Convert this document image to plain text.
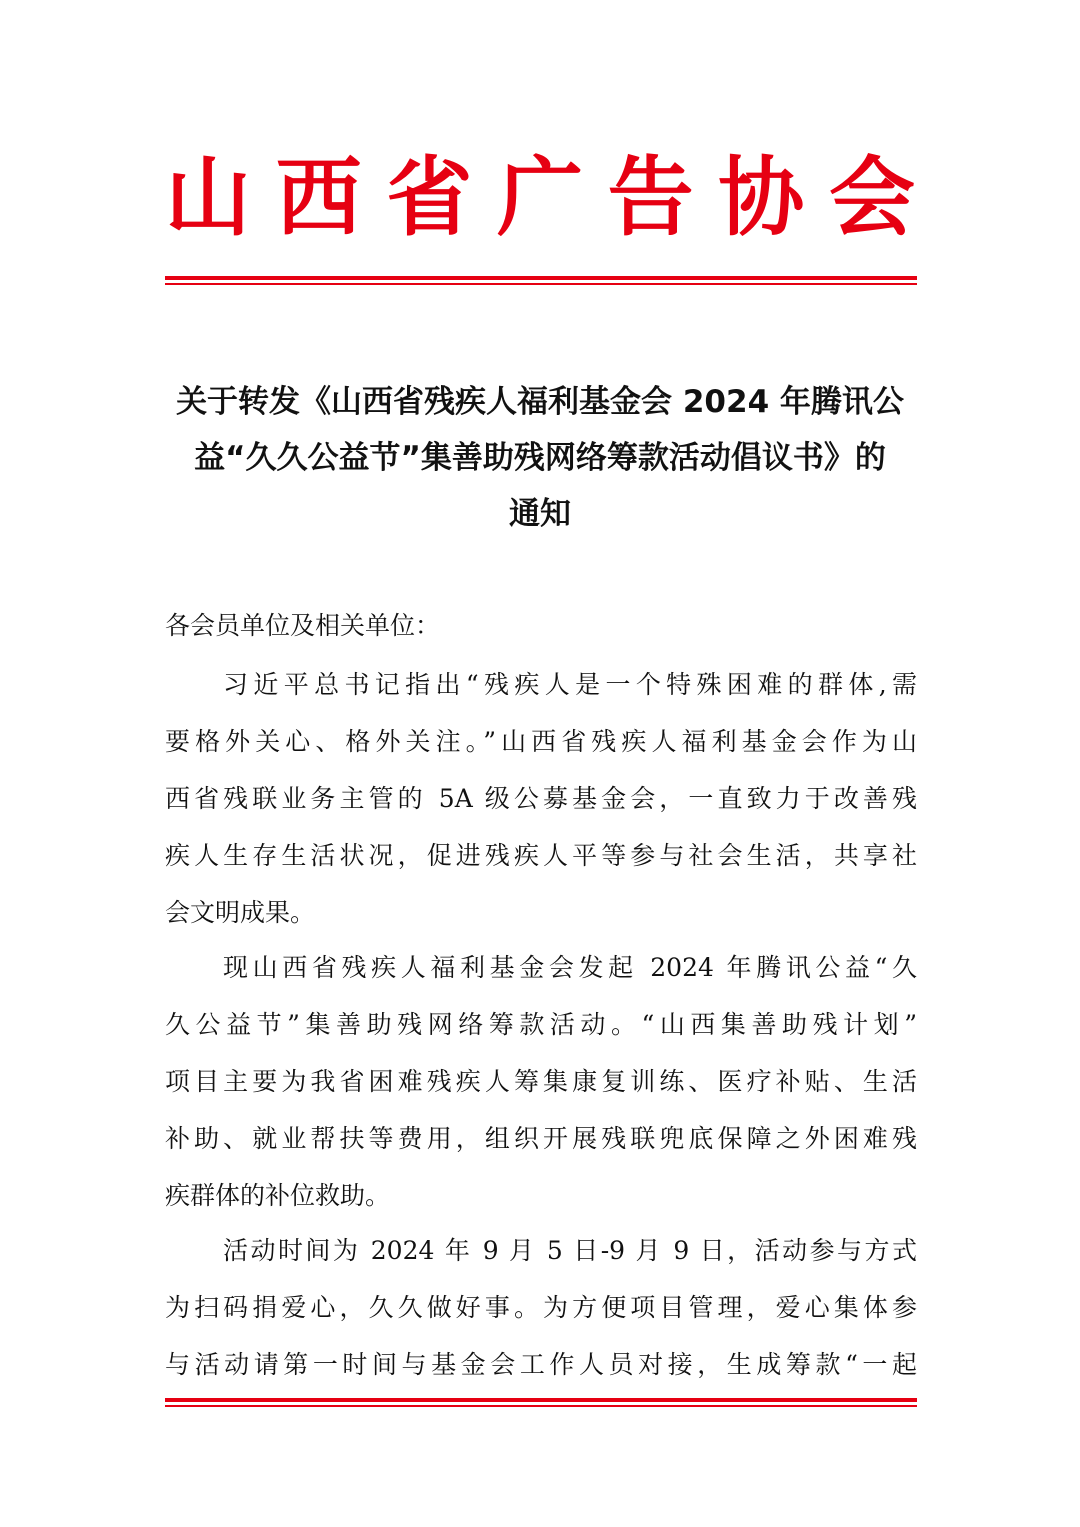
山 西 省 广 告 协 会
关于转发《山西省残疾人福利基金会 2024 年腾讯公
益“久久公益节”集善助残网络筹款活动倡议书》的
通知

各会员单位及相关单位：

习近平总书记指出“残疾人是一个特殊困难的群体,需
要格外关心、格外关注。”山西省残疾人福利基金会作为山
西省残联业务主管的 5A 级公募基金会，一直致力于改善残
疾人生存生活状况，促进残疾人平等参与社会生活，共享社
会文明成果。
现山西省残疾人福利基金会发起 2024 年腾讯公益“久
久公益节”集善助残网络筹款活动。“山西集善助残计划”
项目主要为我省困难残疾人筹集康复训练、医疗补贴、生活
补助、就业帮扶等费用，组织开展残联兜底保障之外困难残
疾群体的补位救助。
活动时间为 2024 年 9 月 5 日-9 月 9 日，活动参与方式
为扫码捐爱心，久久做好事。为方便项目管理，爱心集体参
与活动请第一时间与基金会工作人员对接，生成筹款“一起
